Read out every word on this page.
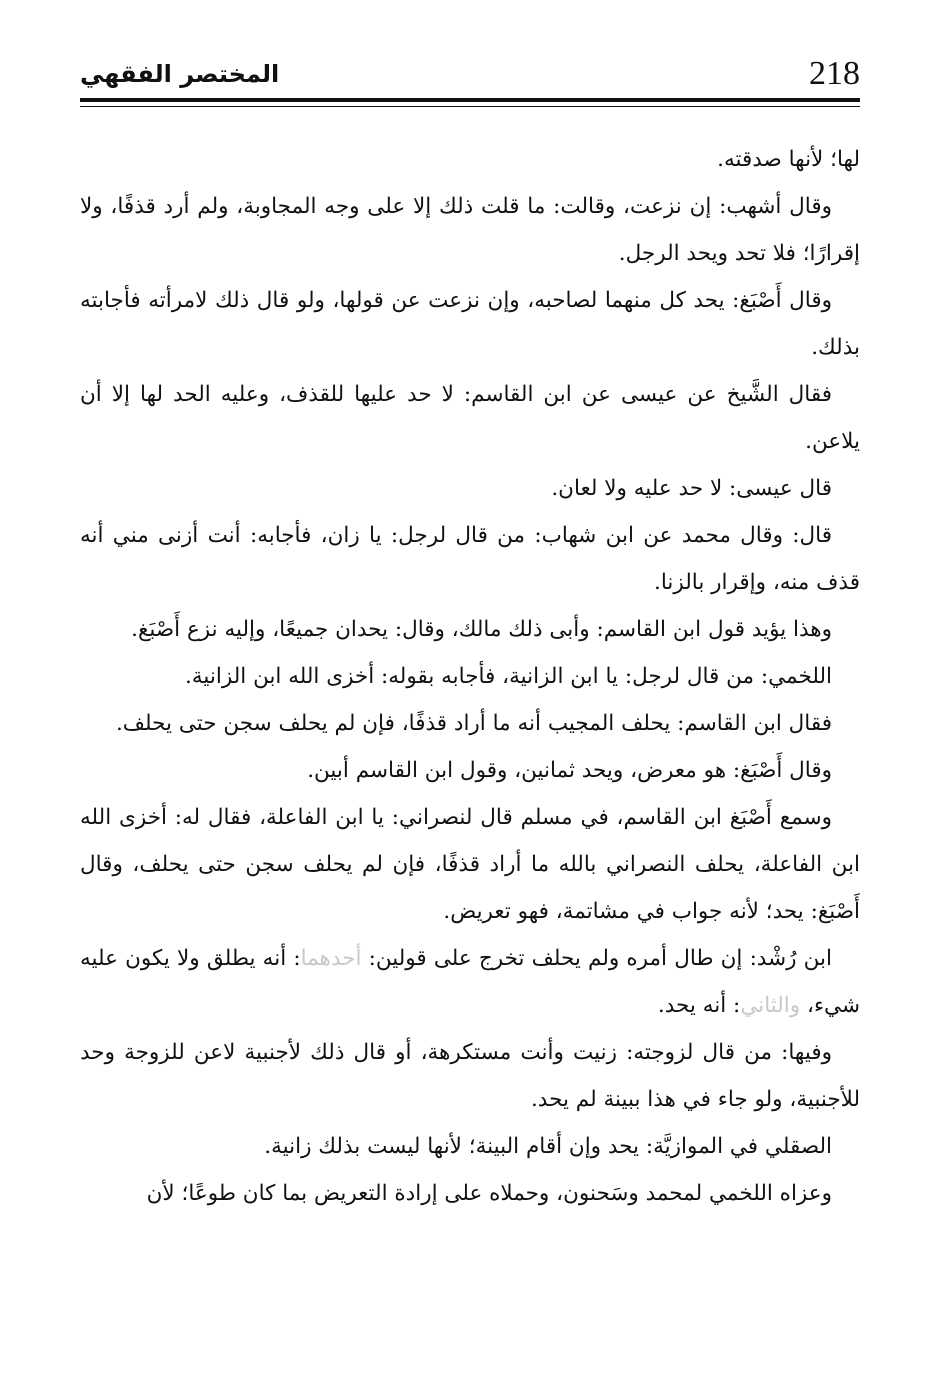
218
المختصر الفقهي

لها؛ لأنها صدقته.

وقال أشهب: إن نزعت، وقالت: ما قلت ذلك إلا على وجه المجاوبة، ولم أرد قذفًا، ولا إقرارًا؛ فلا تحد ويحد الرجل.

وقال أَصْبَغ: يحد كل منهما لصاحبه، وإن نزعت عن قولها، ولو قال ذلك لامرأته فأجابته بذلك.

فقال الشَّيخ عن عيسى عن ابن القاسم: لا حد عليها للقذف، وعليه الحد لها إلا أن يلاعن.

قال عيسى: لا حد عليه ولا لعان.

قال: وقال محمد عن ابن شهاب: من قال لرجل: يا زان، فأجابه: أنت أزنى مني أنه قذف منه، وإقرار بالزنا.

وهذا يؤيد قول ابن القاسم: وأبى ذلك مالك، وقال: يحدان جميعًا، وإليه نزع أَصْبَغ.

اللخمي: من قال لرجل: يا ابن الزانية، فأجابه بقوله: أخزى الله ابن الزانية.

فقال ابن القاسم: يحلف المجيب أنه ما أراد قذفًا، فإن لم يحلف سجن حتى يحلف.

وقال أَصْبَغ: هو معرض، ويحد ثمانين، وقول ابن القاسم أبين.

وسمع أَصْبَغ ابن القاسم، في مسلم قال لنصراني: يا ابن الفاعلة، فقال له: أخزى الله ابن الفاعلة، يحلف النصراني بالله ما أراد قذفًا، فإن لم يحلف سجن حتى يحلف، وقال أَصْبَغ: يحد؛ لأنه جواب في مشاتمة، فهو تعريض.

ابن رُشْد: إن طال أمره ولم يحلف تخرج على قولين: أحدهما: أنه يطلق ولا يكون عليه شيء، والثاني: أنه يحد.

وفيها: من قال لزوجته: زنيت وأنت مستكرهة، أو قال ذلك لأجنبية لاعن للزوجة وحد للأجنبية، ولو جاء في هذا ببينة لم يحد.

الصقلي في الموازيَّة: يحد وإن أقام البينة؛ لأنها ليست بذلك زانية.

وعزاه اللخمي لمحمد وسَحنون، وحملاه على إرادة التعريض بما كان طوعًا؛ لأن
